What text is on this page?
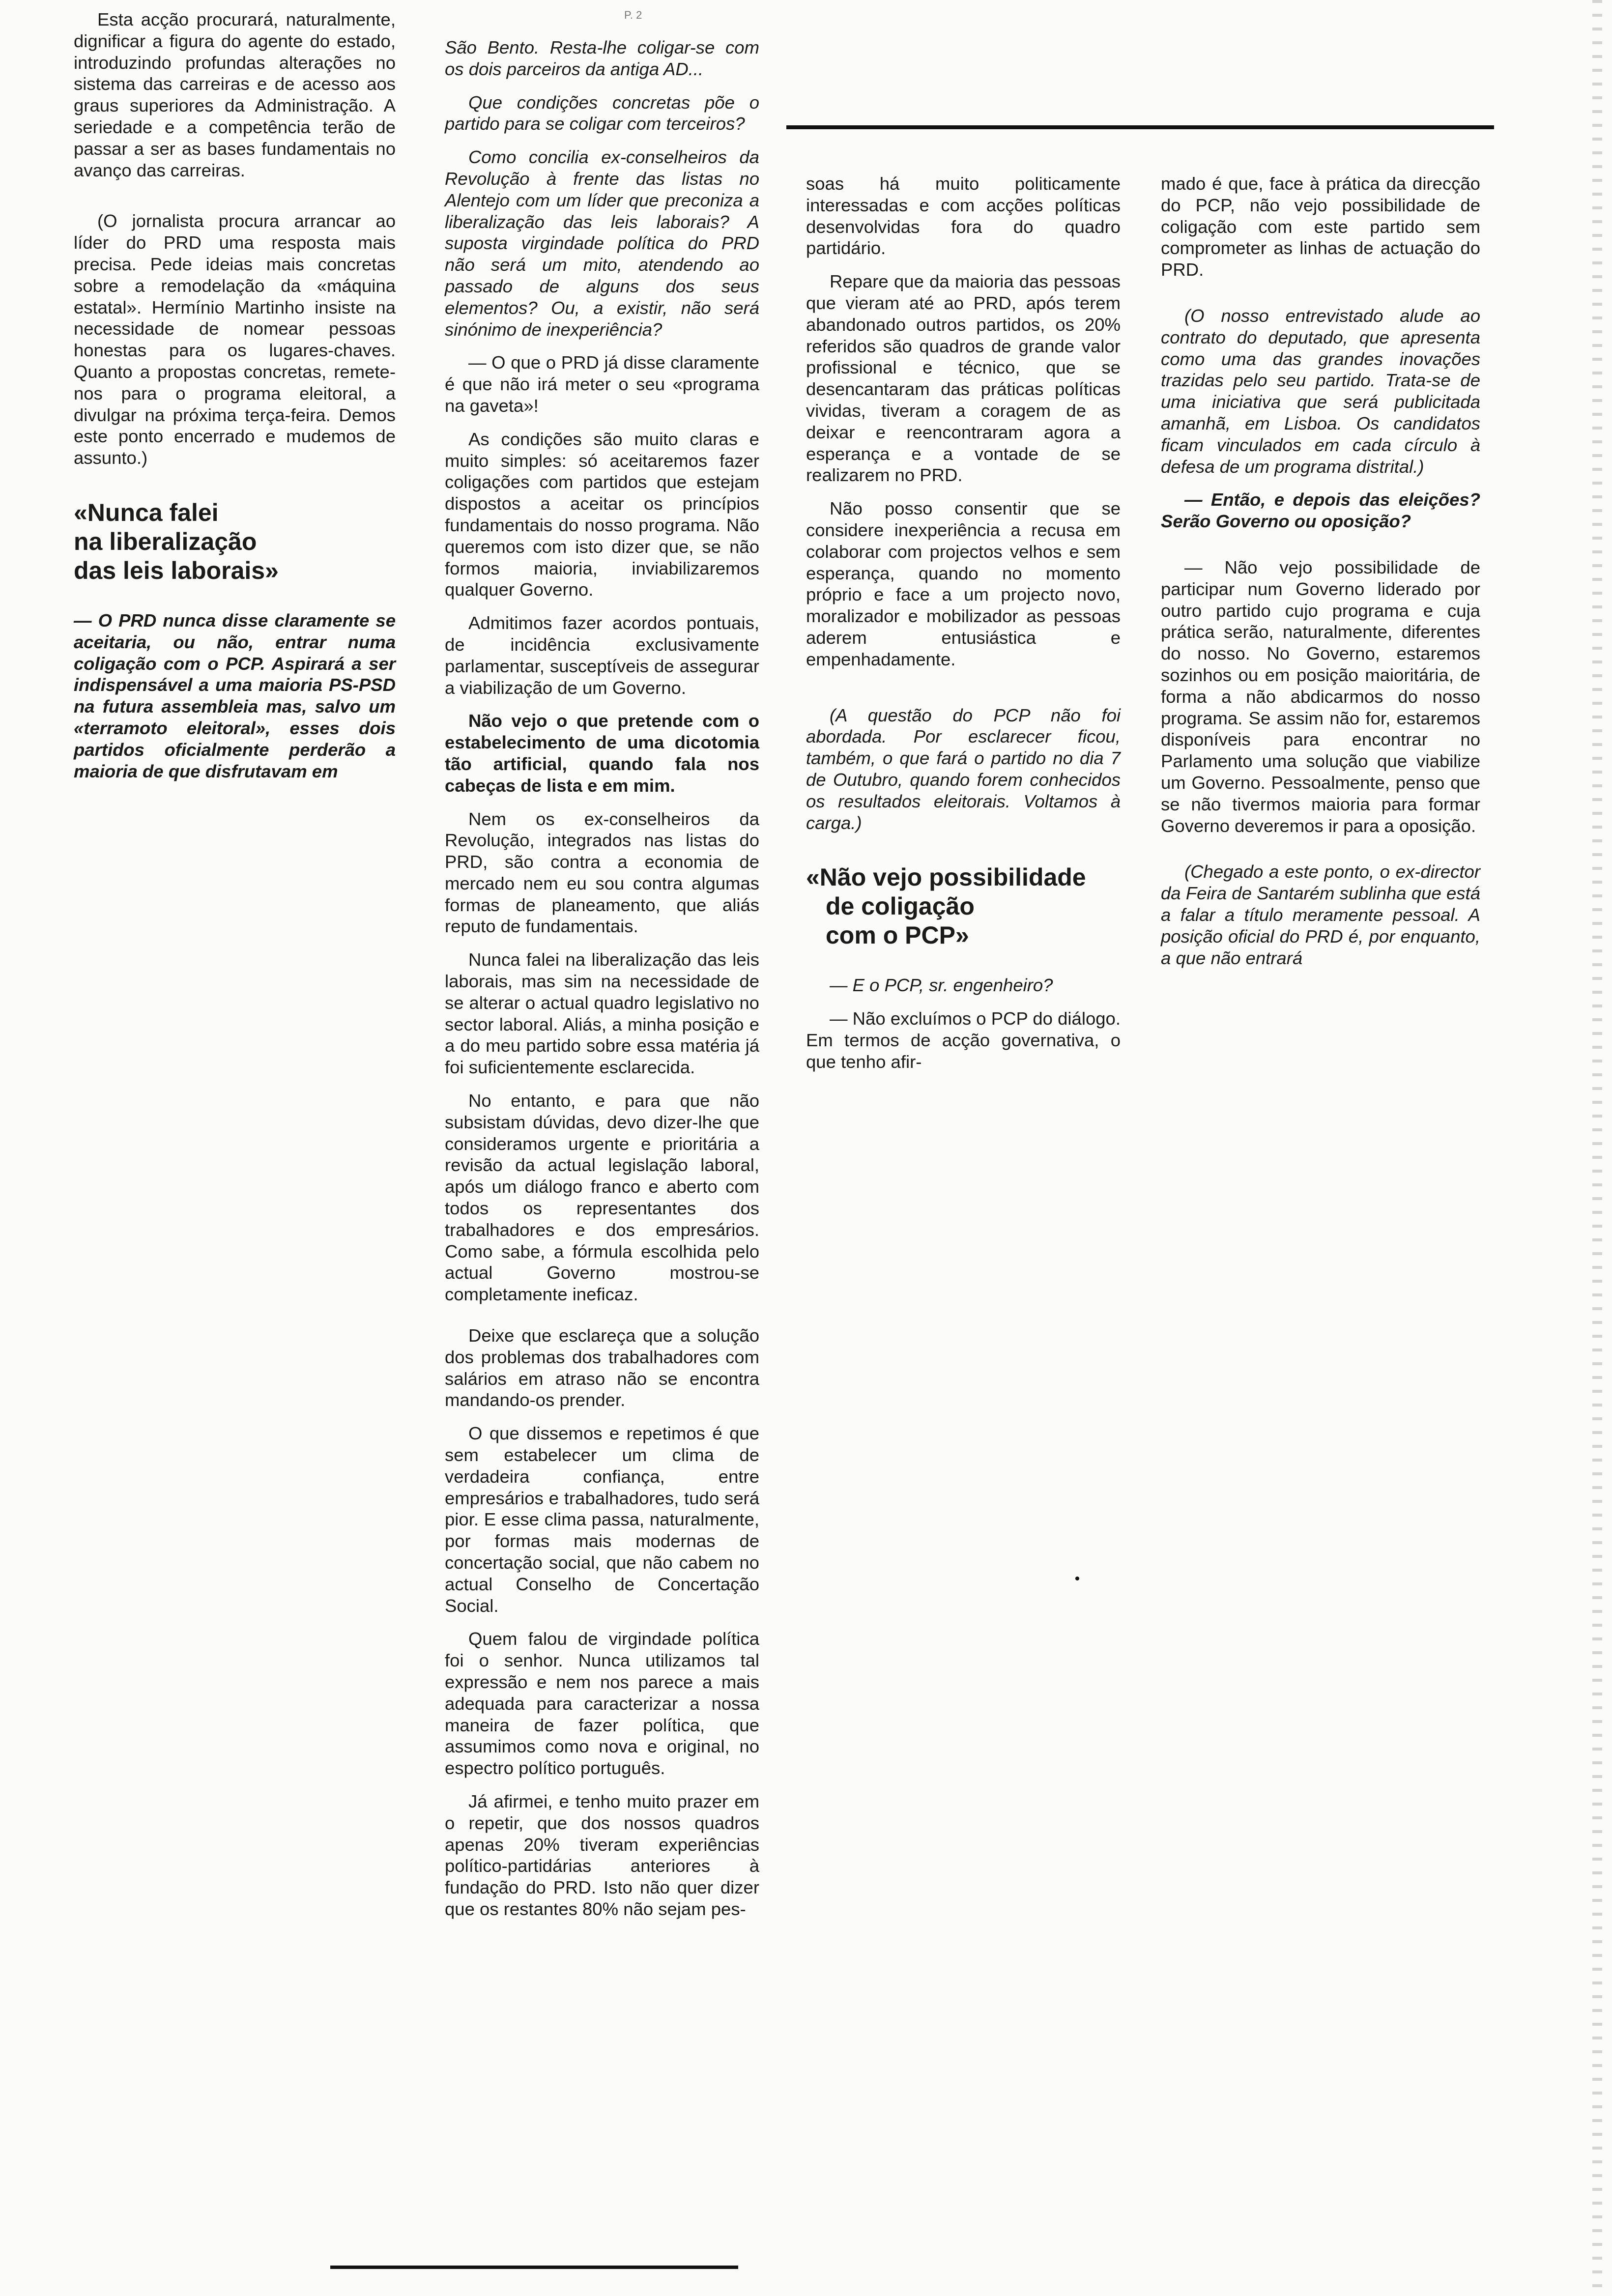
P. 2

Esta acção procurará, naturalmente, dignificar a figura do agente do estado, introduzindo profundas alterações no sistema das carreiras e de acesso aos graus superiores da Administração. A seriedade e a competência terão de passar a ser as bases fundamentais no avanço das carreiras.

(O jornalista procura arrancar ao líder do PRD uma resposta mais precisa. Pede ideias mais concretas sobre a remodelação da «máquina estatal». Hermínio Martinho insiste na necessidade de nomear pessoas honestas para os lugares-chaves. Quanto a propostas concretas, remete-nos para o programa eleitoral, a divulgar na próxima terça-feira. Demos este ponto encerrado e mudemos de assunto.)

«Nunca falei
na liberalização
das leis laborais»

— O PRD nunca disse claramente se aceitaria, ou não, entrar numa coligação com o PCP. Aspirará a ser indispensável a uma maioria PS-PSD na futura assembleia mas, salvo um «terramoto eleitoral», esses dois partidos oficialmente perderão a maioria de que disfrutavam em

São Bento. Resta-lhe coligar-se com os dois parceiros da antiga AD...

Que condições concretas põe o partido para se coligar com terceiros?

Como concilia ex-conselheiros da Revolução à frente das listas no Alentejo com um líder que preconiza a liberalização das leis laborais? A suposta virgindade política do PRD não será um mito, atendendo ao passado de alguns dos seus elementos? Ou, a existir, não será sinónimo de inexperiência?

— O que o PRD já disse claramente é que não irá meter o seu «programa na gaveta»!

As condições são muito claras e muito simples: só aceitaremos fazer coligações com partidos que estejam dispostos a aceitar os princípios fundamentais do nosso programa. Não queremos com isto dizer que, se não formos maioria, inviabilizaremos qualquer Governo.

Admitimos fazer acordos pontuais, de incidência exclusivamente parlamentar, susceptíveis de assegurar a viabilização de um Governo.

Não vejo o que pretende com o estabelecimento de uma dicotomia tão artificial, quando fala nos cabeças de lista e em mim.

Nem os ex-conselheiros da Revolução, integrados nas listas do PRD, são contra a economia de mercado nem eu sou contra algumas formas de planeamento, que aliás reputo de fundamentais.

Nunca falei na liberalização das leis laborais, mas sim na necessidade de se alterar o actual quadro legislativo no sector laboral. Aliás, a minha posição e a do meu partido sobre essa matéria já foi suficientemente esclarecida.

No entanto, e para que não subsistam dúvidas, devo dizer-lhe que consideramos urgente e prioritária a revisão da actual legislação laboral, após um diálogo franco e aberto com todos os representantes dos trabalhadores e dos empresários. Como sabe, a fórmula escolhida pelo actual Governo mostrou-se completamente ineficaz.

Deixe que esclareça que a solução dos problemas dos trabalhadores com salários em atraso não se encontra mandando-os prender.

O que dissemos e repetimos é que sem estabelecer um clima de verdadeira confiança, entre empresários e trabalhadores, tudo será pior. E esse clima passa, naturalmente, por formas mais modernas de concertação social, que não cabem no actual Conselho de Concertação Social.

Quem falou de virgindade política foi o senhor. Nunca utilizamos tal expressão e nem nos parece a mais adequada para caracterizar a nossa maneira de fazer política, que assumimos como nova e original, no espectro político português.

Já afirmei, e tenho muito prazer em o repetir, que dos nossos quadros apenas 20% tiveram experiências político-partidárias anteriores à fundação do PRD. Isto não quer dizer que os restantes 80% não sejam pes-

soas há muito politicamente interessadas e com acções políticas desenvolvidas fora do quadro partidário.

Repare que da maioria das pessoas que vieram até ao PRD, após terem abandonado outros partidos, os 20% referidos são quadros de grande valor profissional e técnico, que se desencantaram das práticas políticas vividas, tiveram a coragem de as deixar e reencontraram agora a esperança e a vontade de se realizarem no PRD.

Não posso consentir que se considere inexperiência a recusa em colaborar com projectos velhos e sem esperança, quando no momento próprio e face a um projecto novo, moralizador e mobilizador as pessoas aderem entusiástica e empenhadamente.

(A questão do PCP não foi abordada. Por esclarecer ficou, também, o que fará o partido no dia 7 de Outubro, quando forem conhecidos os resultados eleitorais. Voltamos à carga.)

«Não vejo possibilidade
de coligação
com o PCP»

— E o PCP, sr. engenheiro?

— Não excluímos o PCP do diálogo. Em termos de acção governativa, o que tenho afir-

mado é que, face à prática da direcção do PCP, não vejo possibilidade de coligação com este partido sem comprometer as linhas de actuação do PRD.

(O nosso entrevistado alude ao contrato do deputado, que apresenta como uma das grandes inovações trazidas pelo seu partido. Trata-se de uma iniciativa que será publicitada amanhã, em Lisboa. Os candidatos ficam vinculados em cada círculo à defesa de um programa distrital.)

— Então, e depois das eleições? Serão Governo ou oposição?

— Não vejo possibilidade de participar num Governo liderado por outro partido cujo programa e cuja prática serão, naturalmente, diferentes do nosso. No Governo, estaremos sozinhos ou em posição maioritária, de forma a não abdicarmos do nosso programa. Se assim não for, estaremos disponíveis para encontrar no Parlamento uma solução que viabilize um Governo. Pessoalmente, penso que se não tivermos maioria para formar Governo deveremos ir para a oposição.

(Chegado a este ponto, o ex-director da Feira de Santarém sublinha que está a falar a título meramente pessoal. A posição oficial do PRD é, por enquanto, a que não entrará
